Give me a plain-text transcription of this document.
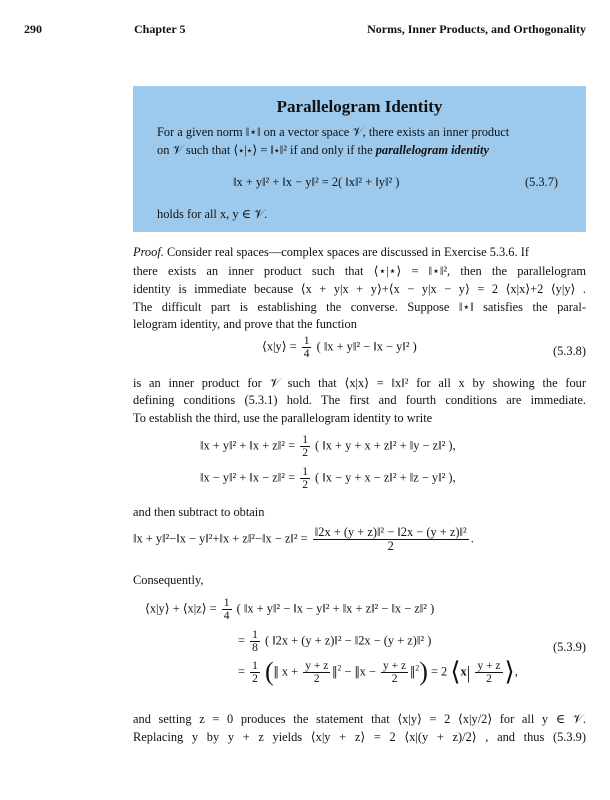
290	Chapter 5	Norms, Inner Products, and Orthogonality
Parallelogram Identity
For a given norm ‖⋆‖ on a vector space 𝒱, there exists an inner product
on 𝒱 such that ⟨⋆|⋆⟩ = ‖⋆‖² if and only if the parallelogram identity
‖x + y‖² + ‖x − y‖² = 2( ‖x‖² + ‖y‖² )	(5.3.7)
holds for all x, y ∈ 𝒱.
Proof. Consider real spaces—complex spaces are discussed in Exercise 5.3.6. If
there exists an inner product such that ⟨⋆|⋆⟩ = ‖⋆‖², then the parallelogram
identity is immediate because ⟨x + y|x + y⟩+⟨x − y|x − y⟩ = 2 ⟨x|x⟩+2 ⟨y|y⟩ .
The difficult part is establishing the converse. Suppose ‖⋆‖ satisfies the paral-
lelogram identity, and prove that the function
⟨x|y⟩ = $\frac{1}{4}$ ( ‖x + y‖² − ‖x − y‖² )	(5.3.8)
is an inner product for 𝒱 such that ⟨x|x⟩ = ‖x‖² for all x by showing the four
defining conditions (5.3.1) hold. The first and fourth conditions are immediate.
To establish the third, use the parallelogram identity to write
‖x + y‖² + ‖x + z‖² = $\frac{1}{2}$ ( ‖x + y + x + z‖² + ‖y − z‖² ),
‖x − y‖² + ‖x − z‖² = $\frac{1}{2}$ ( ‖x − y + x − z‖² + ‖z − y‖² ),
and then subtract to obtain
‖x + y‖²−‖x − y‖²+‖x + z‖²−‖x − z‖² = $\frac{\text{‖2x + (y + z)‖² − ‖2x − (y + z)‖²}}{2}$ .
Consequently,
⟨x|y⟩ + ⟨x|z⟩ = $\frac{1}{4}$ ( ‖x + y‖² − ‖x − y‖² + ‖x + z‖² − ‖x − z‖² )
= $\frac{1}{8}$ ( ‖2x + (y + z)‖² − ‖2x − (y + z)‖² )	(5.3.9)
= $\frac{1}{2}$ (‖ $x + \frac{y + z}{2}$ ‖$^2$ − ‖x − $\frac{y + z}{2}$ ‖$^2$) = 2 ⟨x| $\frac{y + z}{2}$ ⟩,
and setting z = 0 produces the statement that ⟨x|y⟩ = 2 ⟨x|y/2⟩ for all y ∈ 𝒱.
Replacing y by y + z yields ⟨x|y + z⟩ = 2 ⟨x|(y + z)/2⟩ , and thus (5.3.9)
